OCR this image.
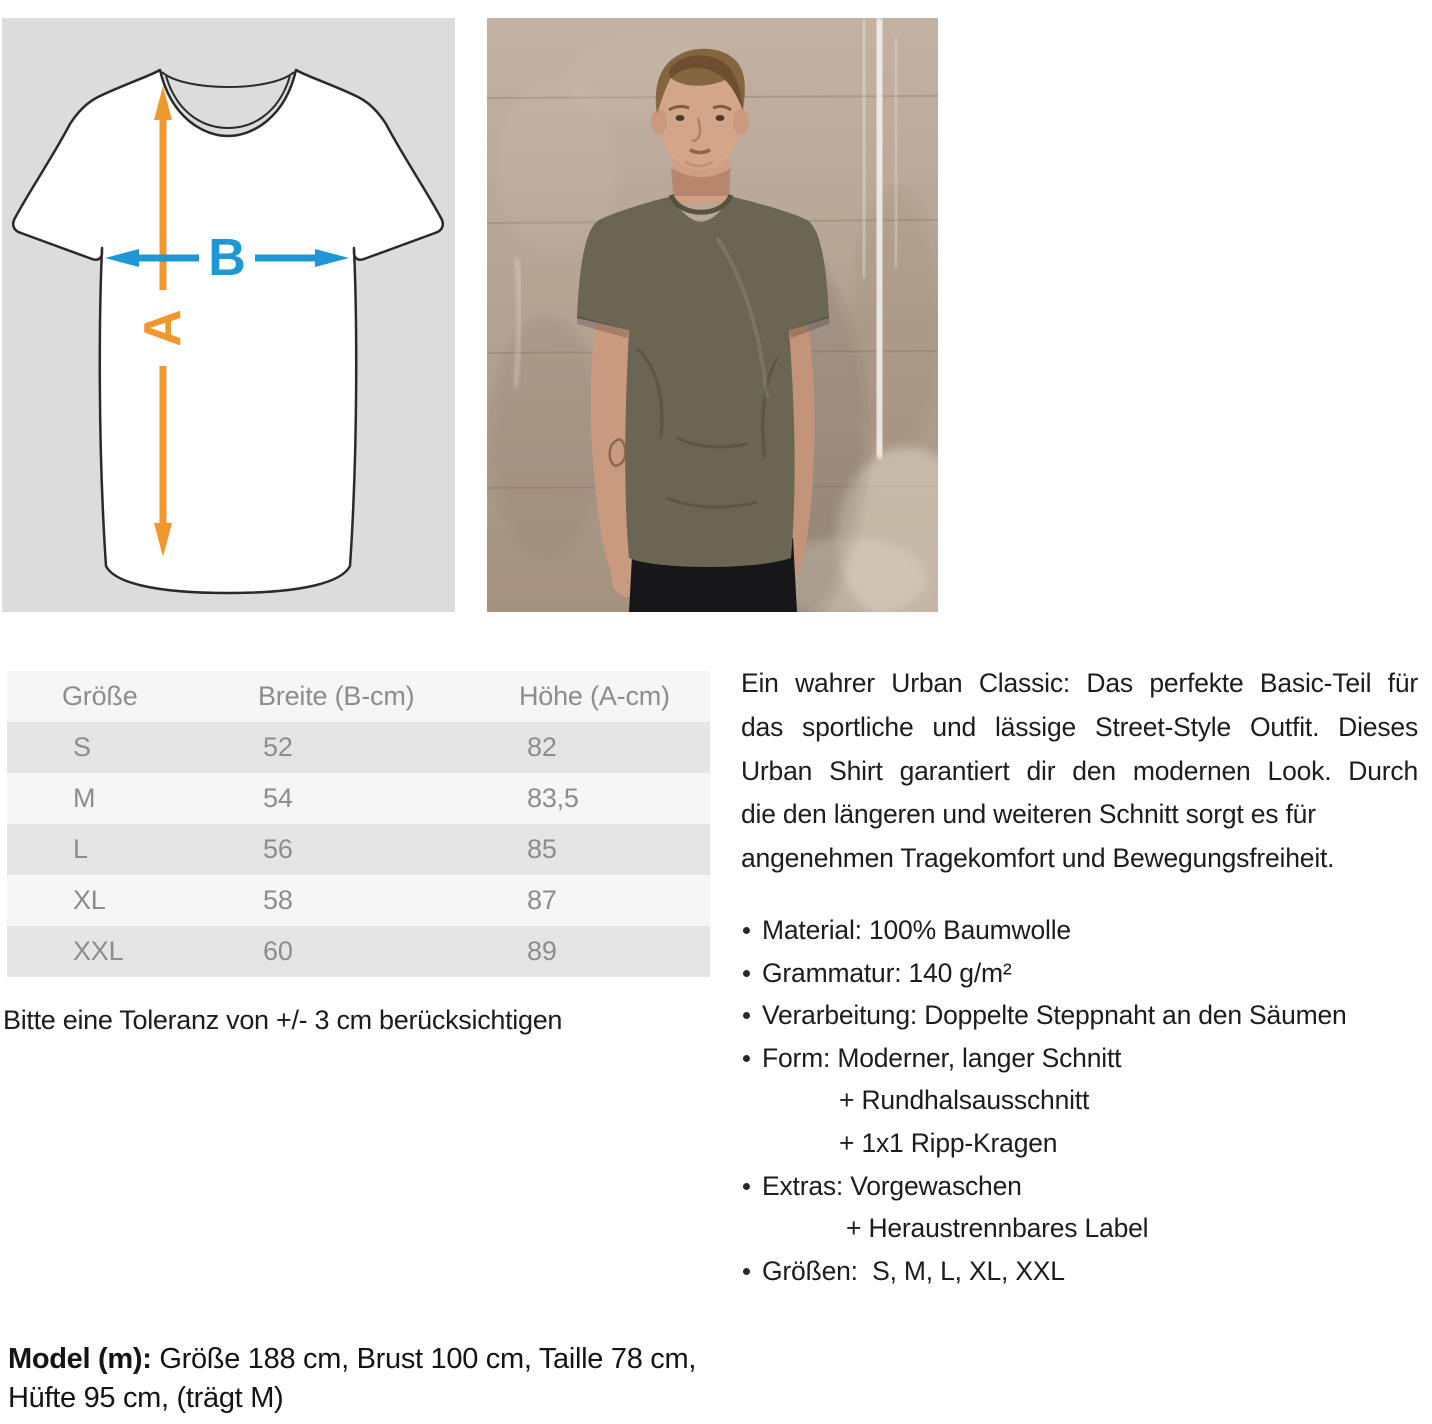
A
B
Größe	Breite (B-cm)	Höhe (A-cm)
S	52	82
M	54	83,5
L	56	85
XL	58	87
XXL	60	89
Bitte eine Toleranz von +/- 3 cm berücksichtigen
Ein wahrer Urban Classic: Das perfekte Basic-Teil für
das sportliche und lässige Street-Style Outfit. Dieses
Urban Shirt garantiert dir den modernen Look. Durch
die den längeren und weiteren Schnitt sorgt es für
angenehmen Tragekomfort und Bewegungsfreiheit.
Material: 100% Baumwolle
Grammatur: 140 g/m²
Verarbeitung: Doppelte Steppnaht an den Säumen
Form: Moderner, langer Schnitt
+ Rundhalsausschnitt
+ 1x1 Ripp-Kragen
Extras: Vorgewaschen
+ Heraustrennbares Label
Größen:  S, M, L, XL, XXL
Model (m): Größe 188 cm, Brust 100 cm, Taille 78 cm,
Hüfte 95 cm, (trägt M)
